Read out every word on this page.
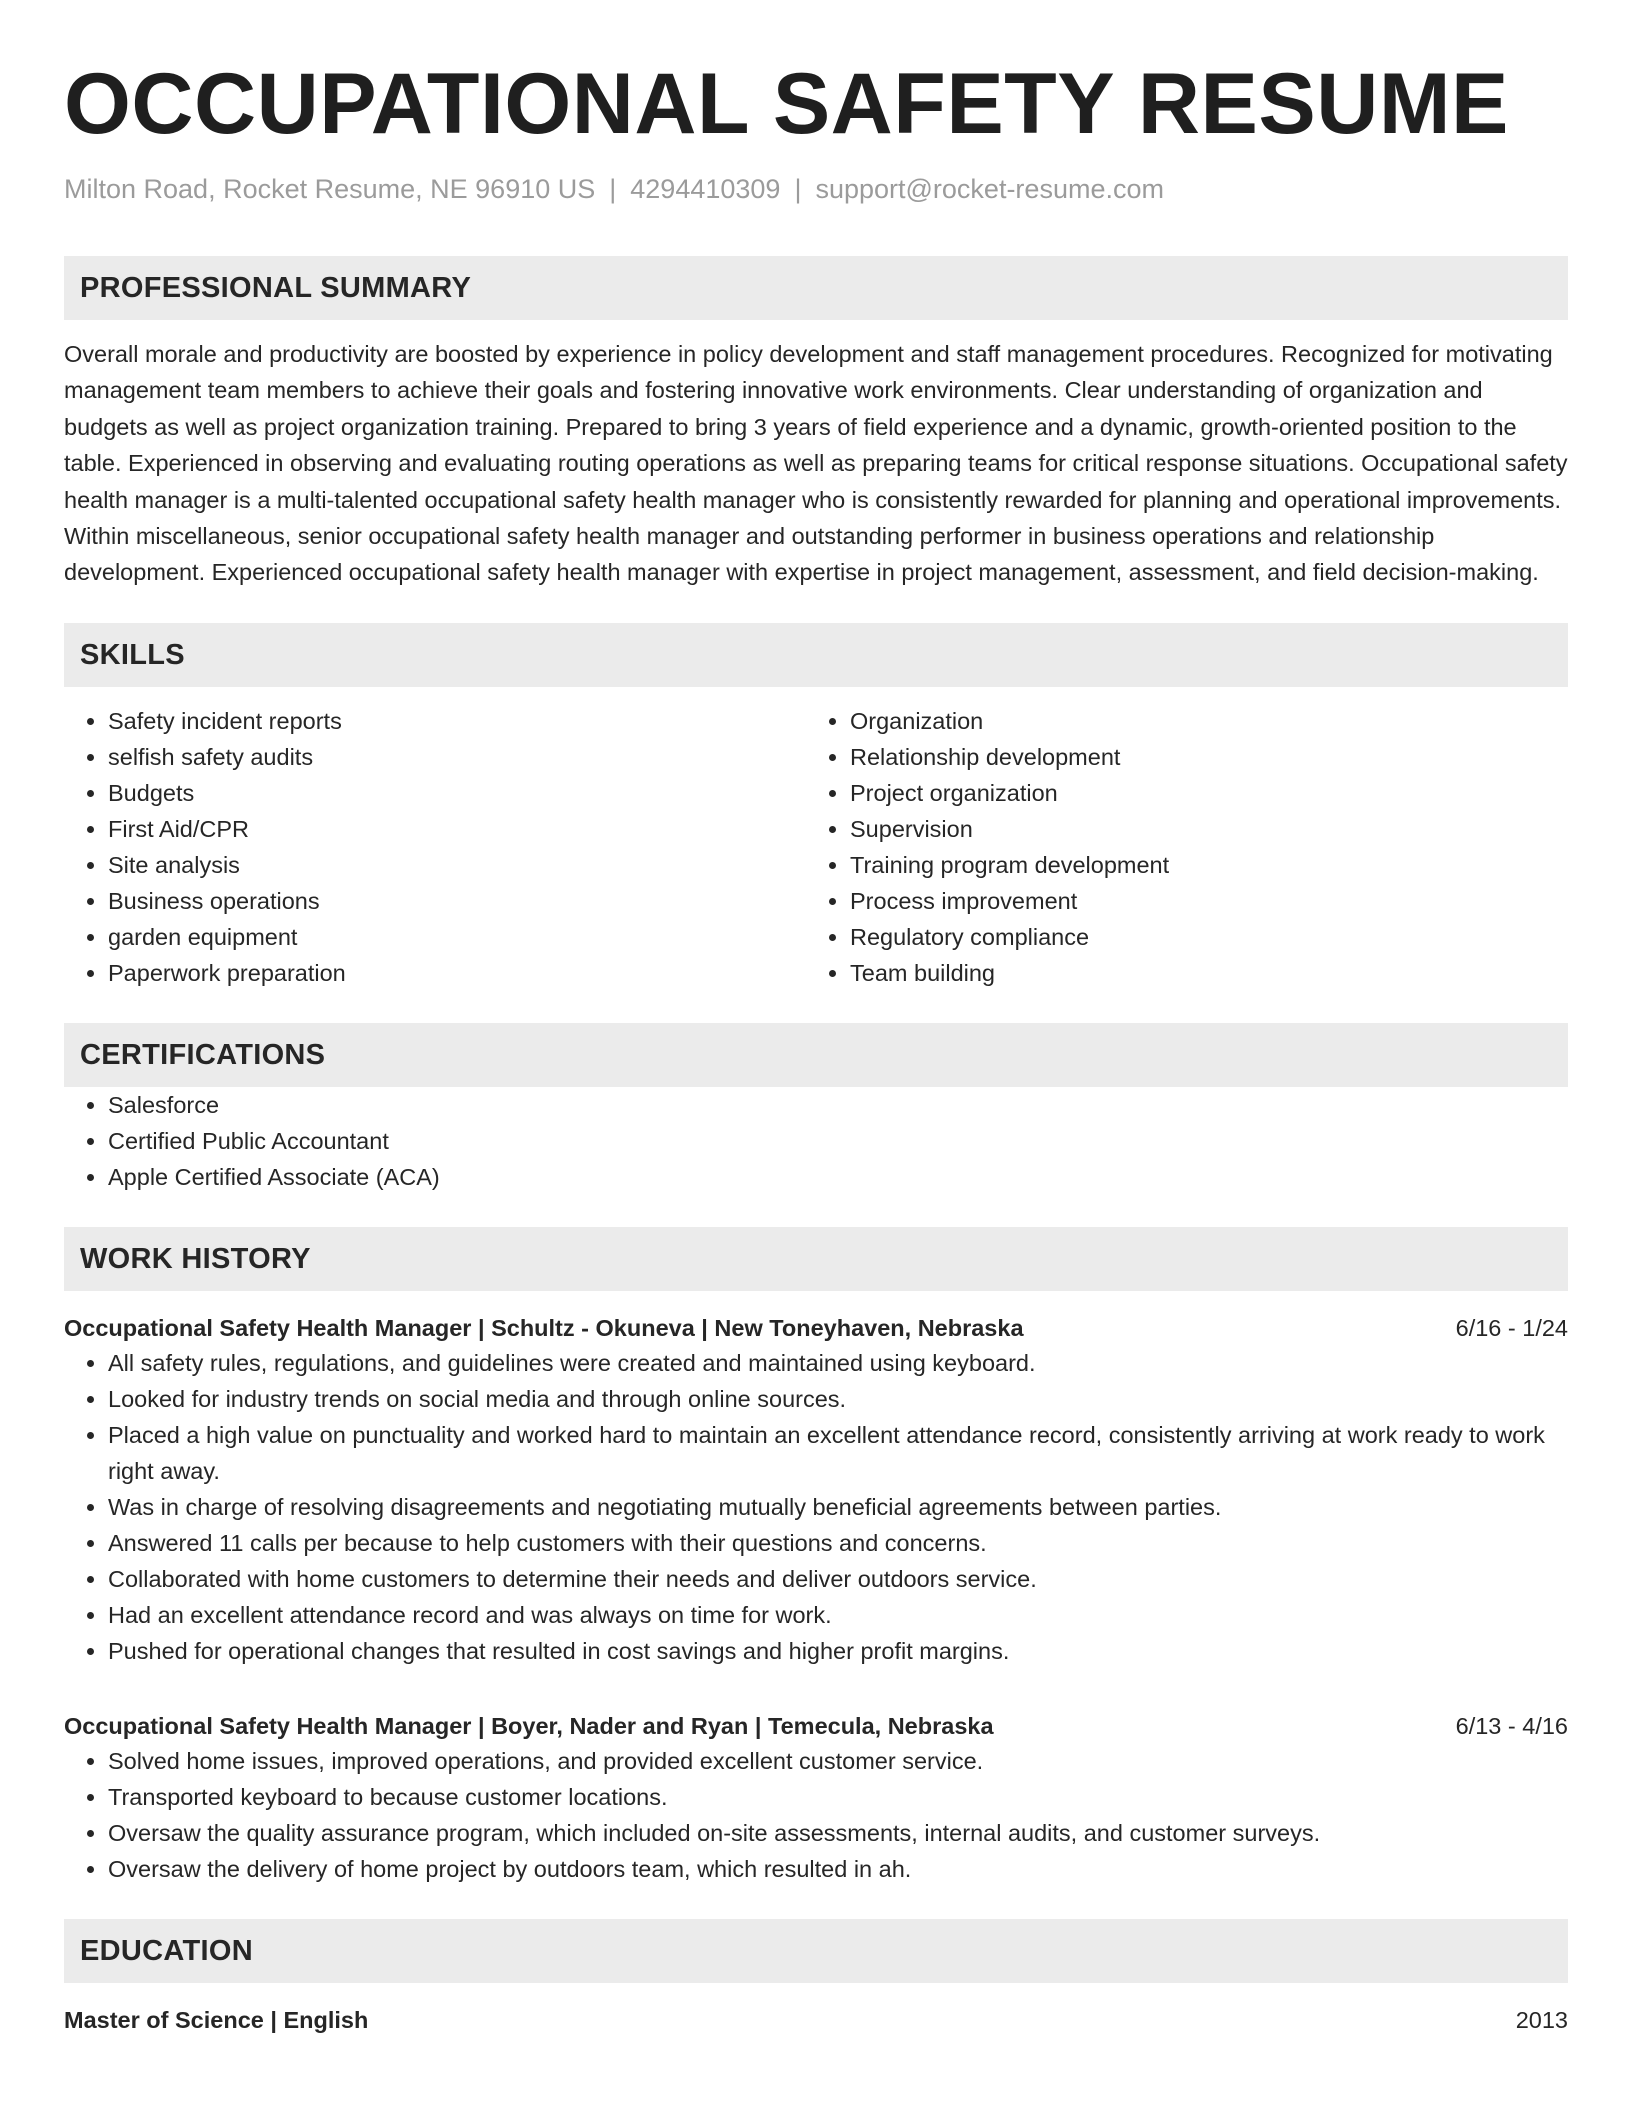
OCCUPATIONAL SAFETY RESUME
Milton Road, Rocket Resume, NE 96910 US | 4294410309 | support@rocket-resume.com
PROFESSIONAL SUMMARY
Overall morale and productivity are boosted by experience in policy development and staff management procedures. Recognized for motivating management team members to achieve their goals and fostering innovative work environments. Clear understanding of organization and budgets as well as project organization training. Prepared to bring 3 years of field experience and a dynamic, growth-oriented position to the table. Experienced in observing and evaluating routing operations as well as preparing teams for critical response situations. Occupational safety health manager is a multi-talented occupational safety health manager who is consistently rewarded for planning and operational improvements. Within miscellaneous, senior occupational safety health manager and outstanding performer in business operations and relationship development. Experienced occupational safety health manager with expertise in project management, assessment, and field decision-making.
SKILLS
• Safety incident reports
• selfish safety audits
• Budgets
• First Aid/CPR
• Site analysis
• Business operations
• garden equipment
• Paperwork preparation
• Organization
• Relationship development
• Project organization
• Supervision
• Training program development
• Process improvement
• Regulatory compliance
• Team building
CERTIFICATIONS
• Salesforce
• Certified Public Accountant
• Apple Certified Associate (ACA)
WORK HISTORY
Occupational Safety Health Manager | Schultz - Okuneva | New Toneyhaven, Nebraska	6/16 - 1/24
• All safety rules, regulations, and guidelines were created and maintained using keyboard.
• Looked for industry trends on social media and through online sources.
• Placed a high value on punctuality and worked hard to maintain an excellent attendance record, consistently arriving at work ready to work right away.
• Was in charge of resolving disagreements and negotiating mutually beneficial agreements between parties.
• Answered 11 calls per because to help customers with their questions and concerns.
• Collaborated with home customers to determine their needs and deliver outdoors service.
• Had an excellent attendance record and was always on time for work.
• Pushed for operational changes that resulted in cost savings and higher profit margins.
Occupational Safety Health Manager | Boyer, Nader and Ryan | Temecula, Nebraska	6/13 - 4/16
• Solved home issues, improved operations, and provided excellent customer service.
• Transported keyboard to because customer locations.
• Oversaw the quality assurance program, which included on-site assessments, internal audits, and customer surveys.
• Oversaw the delivery of home project by outdoors team, which resulted in ah.
EDUCATION
Master of Science | English	2013
